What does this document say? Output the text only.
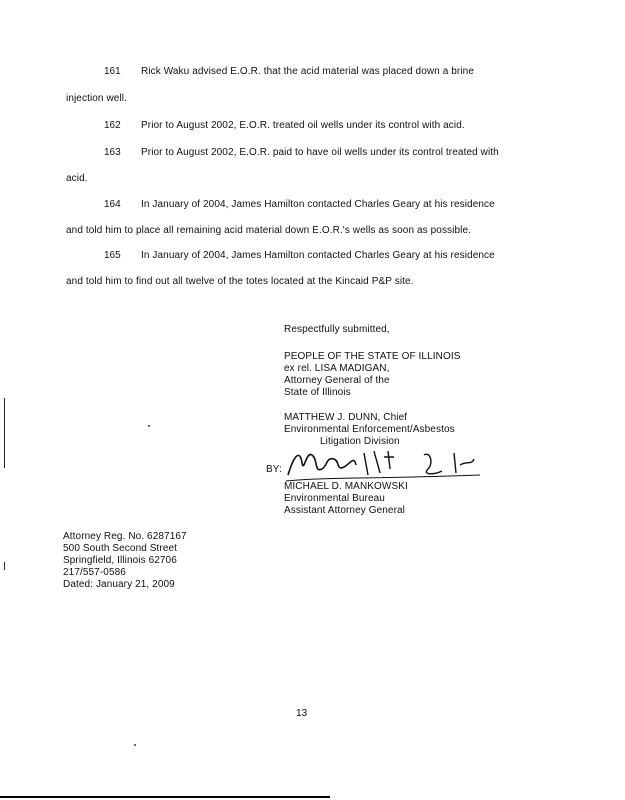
161 Rick Waku advised E.O.R. that the acid material was placed down a brine
injection well.
162 Prior to August 2002, E.O.R. treated oil wells under its control with acid.
163 Prior to August 2002, E.O.R. paid to have oil wells under its control treated with
acid.
164 In January of 2004, James Hamilton contacted Charles Geary at his residence
and told him to place all remaining acid material down E.O.R.'s wells as soon as possible.
165 In January of 2004, James Hamilton contacted Charles Geary at his residence
and told him to find out all twelve of the totes located at the Kincaid P&P site.
Respectfully submitted,
PEOPLE OF THE STATE OF ILLINOIS
ex rel. LISA MADIGAN,
Attorney General of the
State of Illinois
MATTHEW J. DUNN, Chief
Environmental Enforcement/Asbestos
Litigation Division
BY:
MICHAEL D. MANKOWSKI
Environmental Bureau
Assistant Attorney General
Attorney Reg. No. 6287167
500 South Second Street
Springfield, Illinois 62706
217/557-0586
Dated: January 21, 2009
13
